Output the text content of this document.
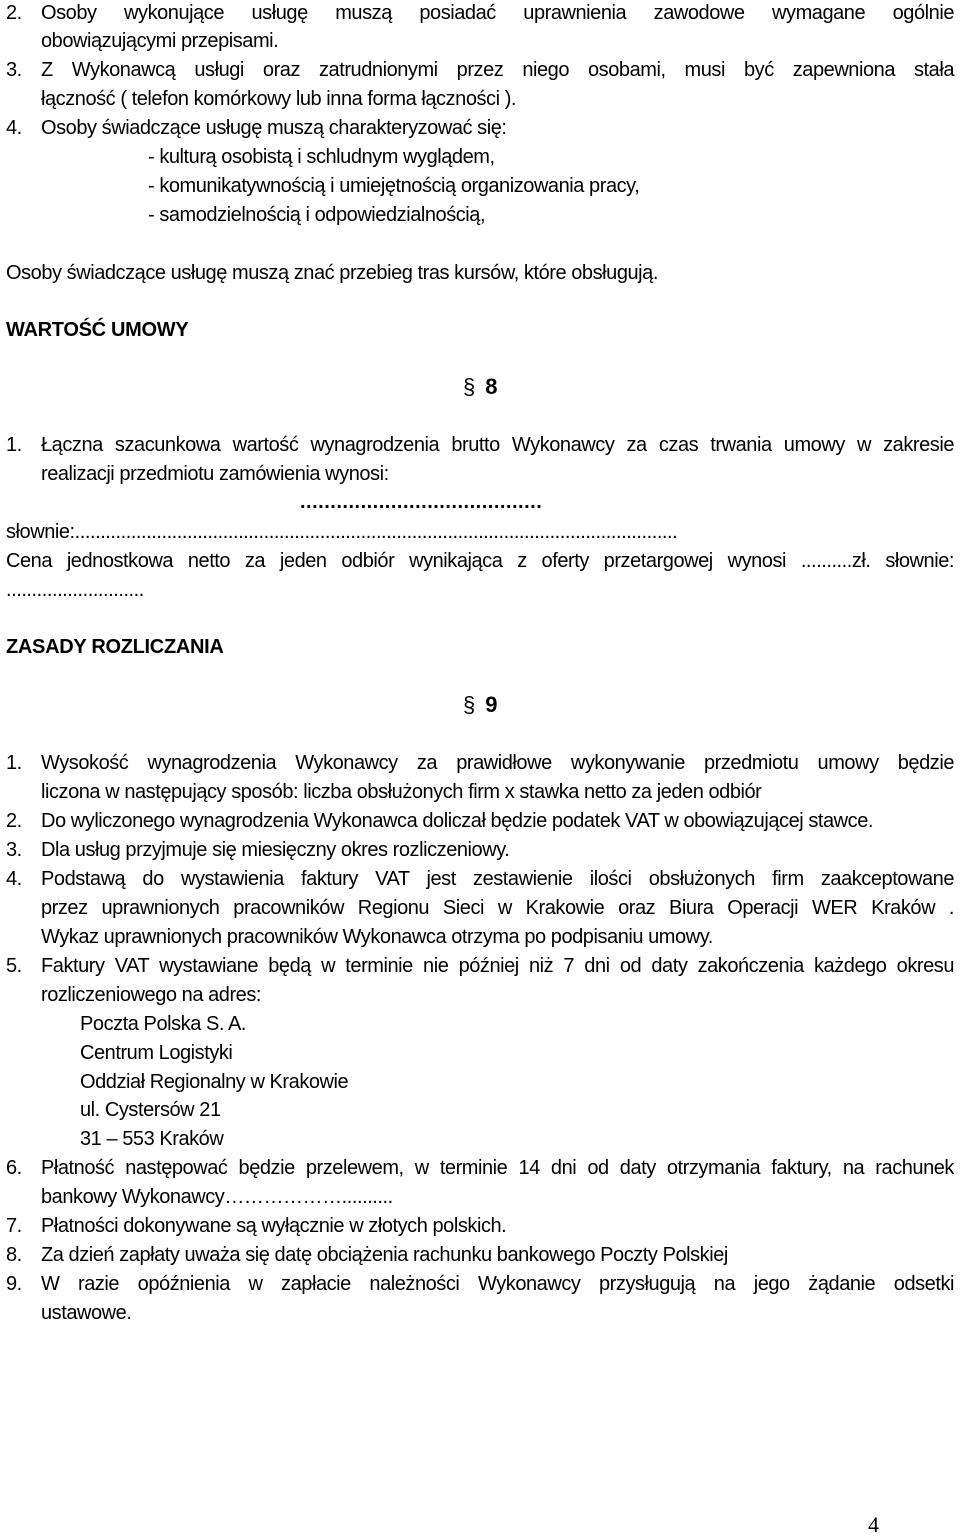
2. Osoby wykonujące usługę muszą posiadać uprawnienia zawodowe wymagane ogólnie
obowiązującymi przepisami.
3. Z Wykonawcą usługi oraz zatrudnionymi przez niego osobami, musi być zapewniona stała
łączność ( telefon komórkowy lub inna forma łączności ).
4. Osoby świadczące usługę muszą charakteryzować się:
- kulturą osobistą i schludnym wyglądem,
- komunikatywnością i umiejętnością organizowania pracy,
- samodzielnością i odpowiedzialnością,
Osoby świadczące usługę muszą znać przebieg tras kursów, które obsługują.
WARTOŚĆ UMOWY
§ 8
1. Łączna szacunkowa wartość wynagrodzenia brutto Wykonawcy za czas trwania umowy w zakresie
realizacji przedmiotu zamówienia wynosi:
........................................
słownie:......................................................................................................................
Cena jednostkowa netto za jeden odbiór wynikająca z oferty przetargowej wynosi ..........zł. słownie:
...........................
ZASADY ROZLICZANIA
§ 9
1. Wysokość wynagrodzenia Wykonawcy za prawidłowe wykonywanie przedmiotu umowy będzie
liczona w następujący sposób: liczba obsłużonych firm x stawka netto za jeden odbiór
2. Do wyliczonego wynagrodzenia Wykonawca doliczał będzie podatek VAT w obowiązującej stawce.
3. Dla usług przyjmuje się miesięczny okres rozliczeniowy.
4. Podstawą do wystawienia faktury VAT jest zestawienie ilości obsłużonych firm zaakceptowane
przez uprawnionych pracowników Regionu Sieci w Krakowie oraz Biura Operacji WER Kraków .
Wykaz uprawnionych pracowników Wykonawca otrzyma po podpisaniu umowy.
5. Faktury VAT wystawiane będą w terminie nie później niż 7 dni od daty zakończenia każdego okresu
rozliczeniowego na adres:
Poczta Polska S. A.
Centrum Logistyki
Oddział Regionalny w Krakowie
ul. Cystersów 21
31 – 553 Kraków
6. Płatność następować będzie przelewem, w terminie 14 dni od daty otrzymania faktury, na rachunek
bankowy Wykonawcy………………..........
7. Płatności dokonywane są wyłącznie w złotych polskich.
8. Za dzień zapłaty uważa się datę obciążenia rachunku bankowego Poczty Polskiej
9. W razie opóźnienia w zapłacie należności Wykonawcy przysługują na jego żądanie odsetki
ustawowe.
4
